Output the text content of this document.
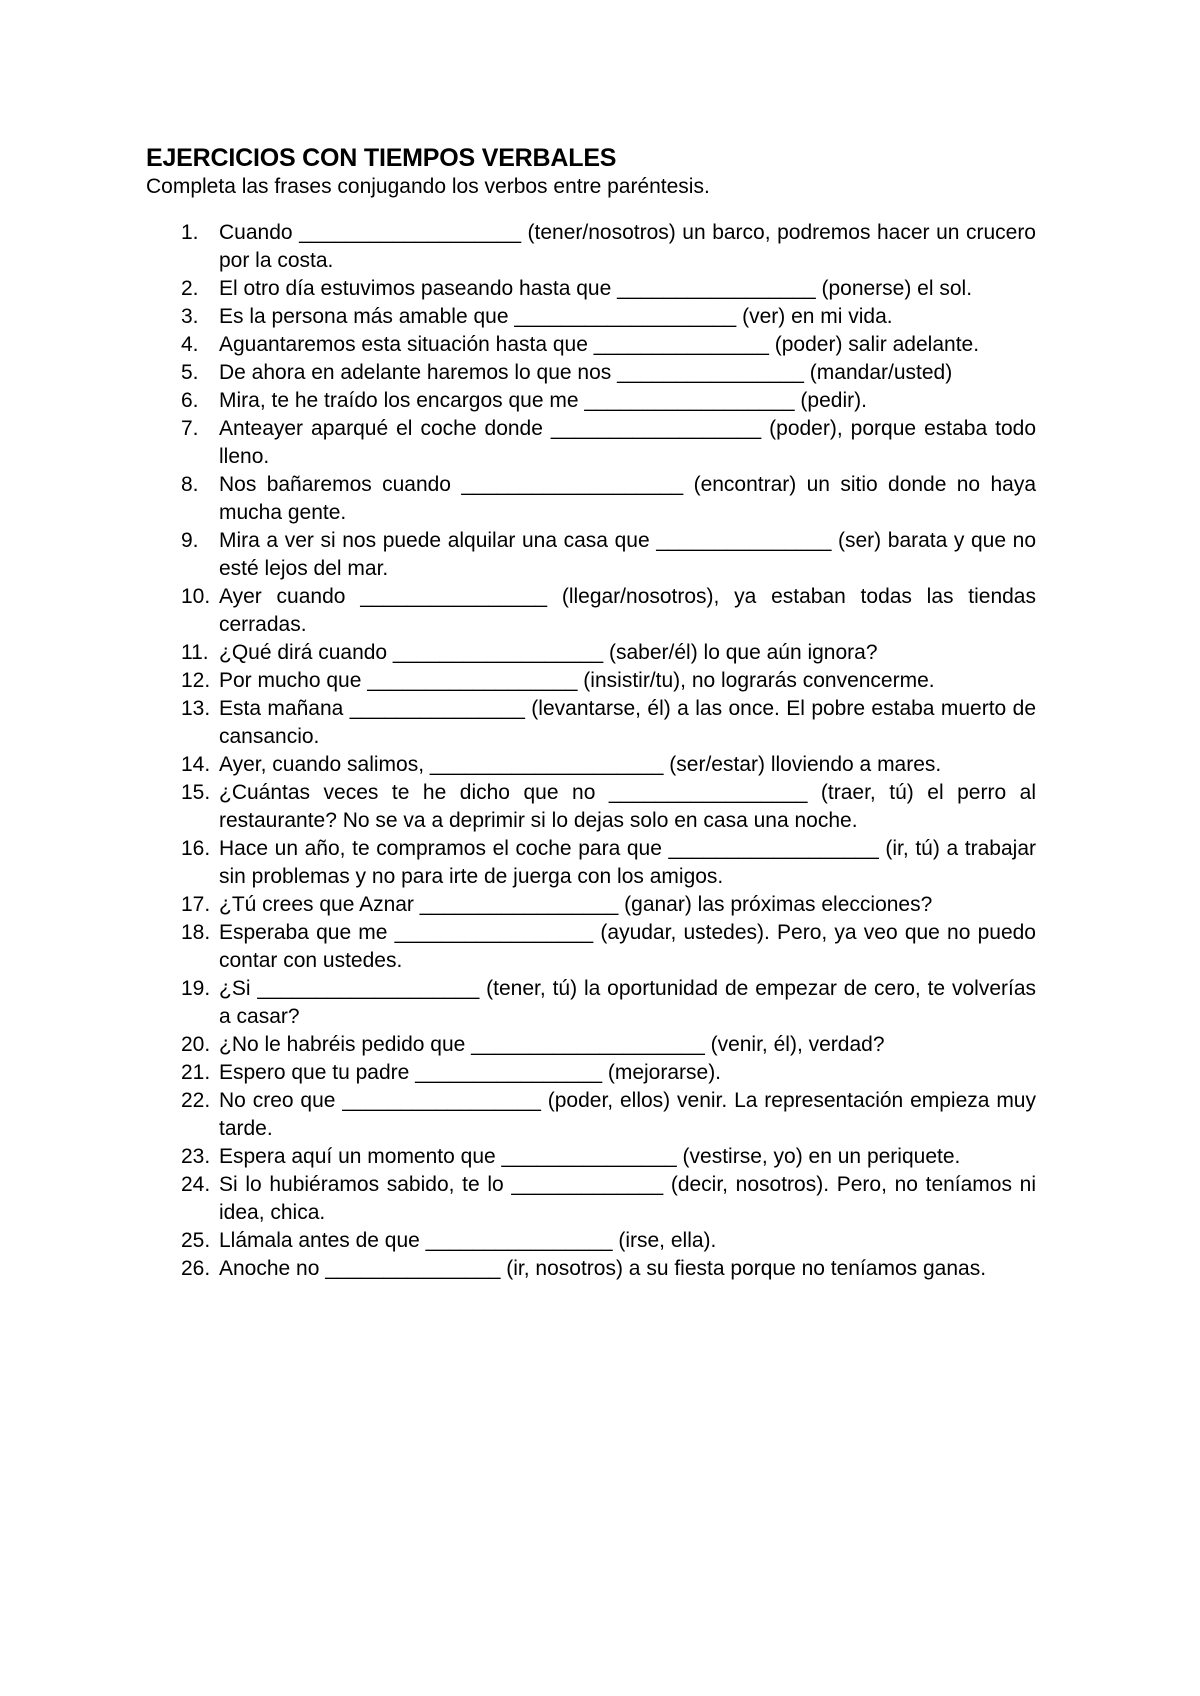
EJERCICIOS CON TIEMPOS VERBALES

Completa las frases conjugando los verbos entre paréntesis.

1. Cuando ___________________ (tener/nosotros) un barco, podremos hacer un crucero por la costa.
2. El otro día estuvimos paseando hasta que _________________ (ponerse) el sol.
3. Es la persona más amable que ___________________ (ver) en mi vida.
4. Aguantaremos esta situación hasta que _______________ (poder) salir adelante.
5. De ahora en adelante haremos lo que nos ________________ (mandar/usted)
6. Mira, te he traído los encargos que me __________________ (pedir).
7. Anteayer aparqué el coche donde __________________ (poder), porque estaba todo lleno.
8. Nos bañaremos cuando ___________________ (encontrar) un sitio donde no haya mucha gente.
9. Mira a ver si nos puede alquilar una casa que _______________ (ser) barata y que no esté lejos del mar.
10. Ayer cuando ________________ (llegar/nosotros), ya estaban todas las tiendas cerradas.
11. ¿Qué dirá cuando __________________ (saber/él) lo que aún ignora?
12. Por mucho que __________________ (insistir/tu), no lograrás convencerme.
13. Esta mañana _______________ (levantarse, él) a las once. El pobre estaba muerto de cansancio.
14. Ayer, cuando salimos, ____________________ (ser/estar) lloviendo a mares.
15. ¿Cuántas veces te he dicho que no _________________ (traer, tú) el perro al restaurante? No se va a deprimir si lo dejas solo en casa una noche.
16. Hace un año, te compramos el coche para que __________________ (ir, tú) a trabajar sin problemas y no para irte de juerga con los amigos.
17. ¿Tú crees que Aznar _________________ (ganar) las próximas elecciones?
18. Esperaba que me _________________ (ayudar, ustedes). Pero, ya veo que no puedo contar con ustedes.
19. ¿Si ___________________ (tener, tú) la oportunidad de empezar de cero, te volverías a casar?
20. ¿No le habréis pedido que ____________________ (venir, él), verdad?
21. Espero que tu padre ________________ (mejorarse).
22. No creo que _________________ (poder, ellos) venir. La representación empieza muy tarde.
23. Espera aquí un momento que _______________ (vestirse, yo) en un periquete.
24. Si lo hubiéramos sabido, te lo _____________ (decir, nosotros). Pero, no teníamos ni idea, chica.
25. Llámala antes de que ________________ (irse, ella).
26. Anoche no _______________ (ir, nosotros) a su fiesta porque no teníamos ganas.
